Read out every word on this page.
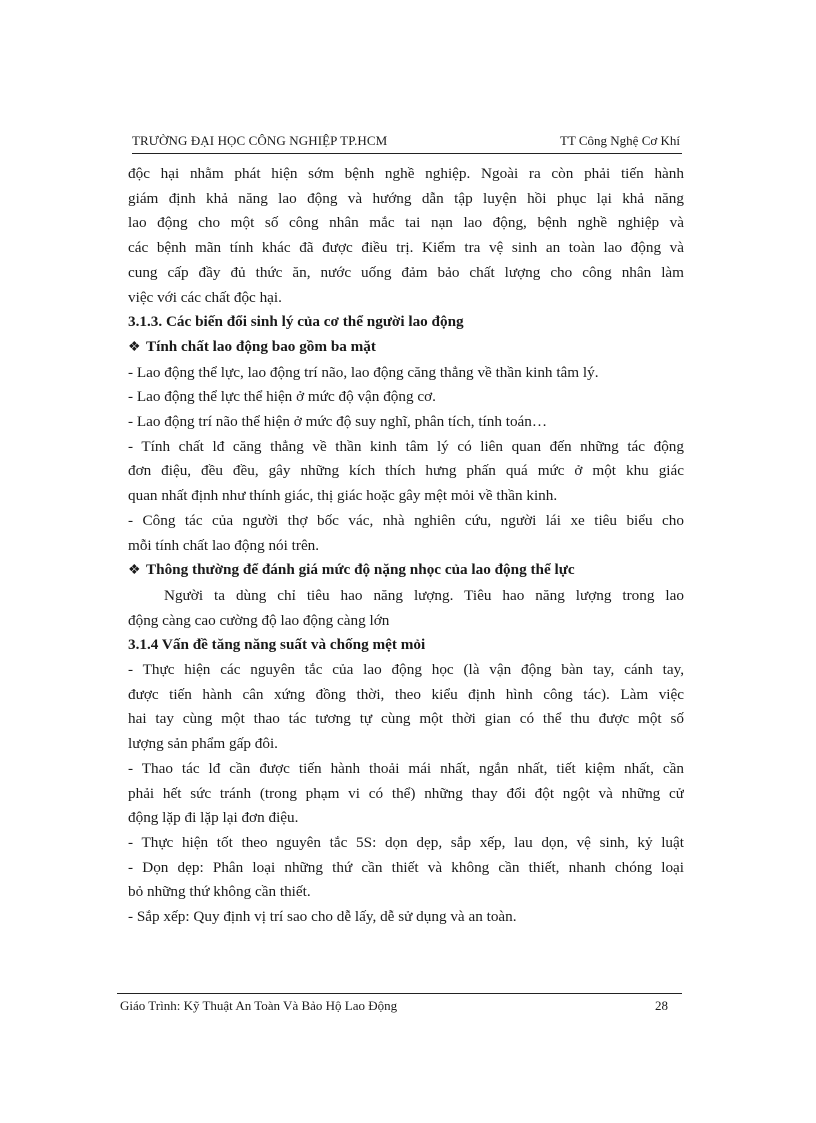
TRƯỜNG ĐẠI HỌC CÔNG NGHIỆP TP.HCM	TT Công Nghệ Cơ Khí
độc hại nhằm phát hiện sớm bệnh nghề nghiệp. Ngoài ra còn phải tiến hành
giám định khả năng lao động và hướng dẫn tập luyện hồi phục lại khả năng
lao động cho một số công nhân mắc tai nạn lao động, bệnh nghề nghiệp và
các bệnh mãn tính khác đã được điều trị. Kiểm tra vệ sinh an toàn lao động và
cung cấp đầy đủ thức ăn, nước uống đảm bảo chất lượng cho công nhân làm
việc với các chất độc hại.
3.1.3. Các biến đổi sinh lý của cơ thể người lao động
❖ Tính chất lao động bao gồm ba mặt
- Lao động thể lực, lao động trí não, lao động căng thẳng về thần kinh tâm lý.
- Lao động thể lực thể hiện ở mức độ vận động cơ.
- Lao động trí não thể hiện ở mức độ suy nghĩ, phân tích, tính toán…
- Tính chất lđ căng thẳng về thần kinh tâm lý có liên quan đến những tác động
đơn điệu, đều đều, gây những kích thích hưng phấn quá mức ở một khu giác
quan nhất định như thính giác, thị giác hoặc gây mệt mỏi về thần kinh.
- Công tác của người thợ bốc vác, nhà nghiên cứu, người lái xe tiêu biểu cho
mỗi tính chất lao động nói trên.
❖ Thông thường để đánh giá mức độ nặng nhọc của lao động thể lực
Người ta dùng chỉ tiêu hao năng lượng. Tiêu hao năng lượng trong lao
động càng cao cường độ lao động càng lớn
3.1.4 Vấn đề tăng năng suất và chống mệt mỏi
- Thực hiện các nguyên tắc của lao động học (là vận động bàn tay, cánh tay,
được tiến hành cân xứng đồng thời, theo kiểu định hình công tác). Làm việc
hai tay cùng một thao tác tương tự cùng một thời gian có thể thu được một số
lượng sản phẩm gấp đôi.
- Thao tác lđ cần được tiến hành thoải mái nhất, ngắn nhất, tiết kiệm nhất, cần
phải hết sức tránh (trong phạm vi có thể) những thay đổi đột ngột và những cử
động lặp đi lặp lại đơn điệu.
- Thực hiện tốt theo nguyên tắc 5S: dọn dẹp, sắp xếp, lau dọn, vệ sinh, kỷ luật
- Dọn dẹp: Phân loại những thứ cần thiết và không cần thiết, nhanh chóng loại
bỏ những thứ không cần thiết.
- Sắp xếp: Quy định vị trí sao cho dễ lấy, dễ sử dụng và an toàn.
Giáo Trình: Kỹ Thuật An Toàn Và Bảo Hộ Lao Động	28
